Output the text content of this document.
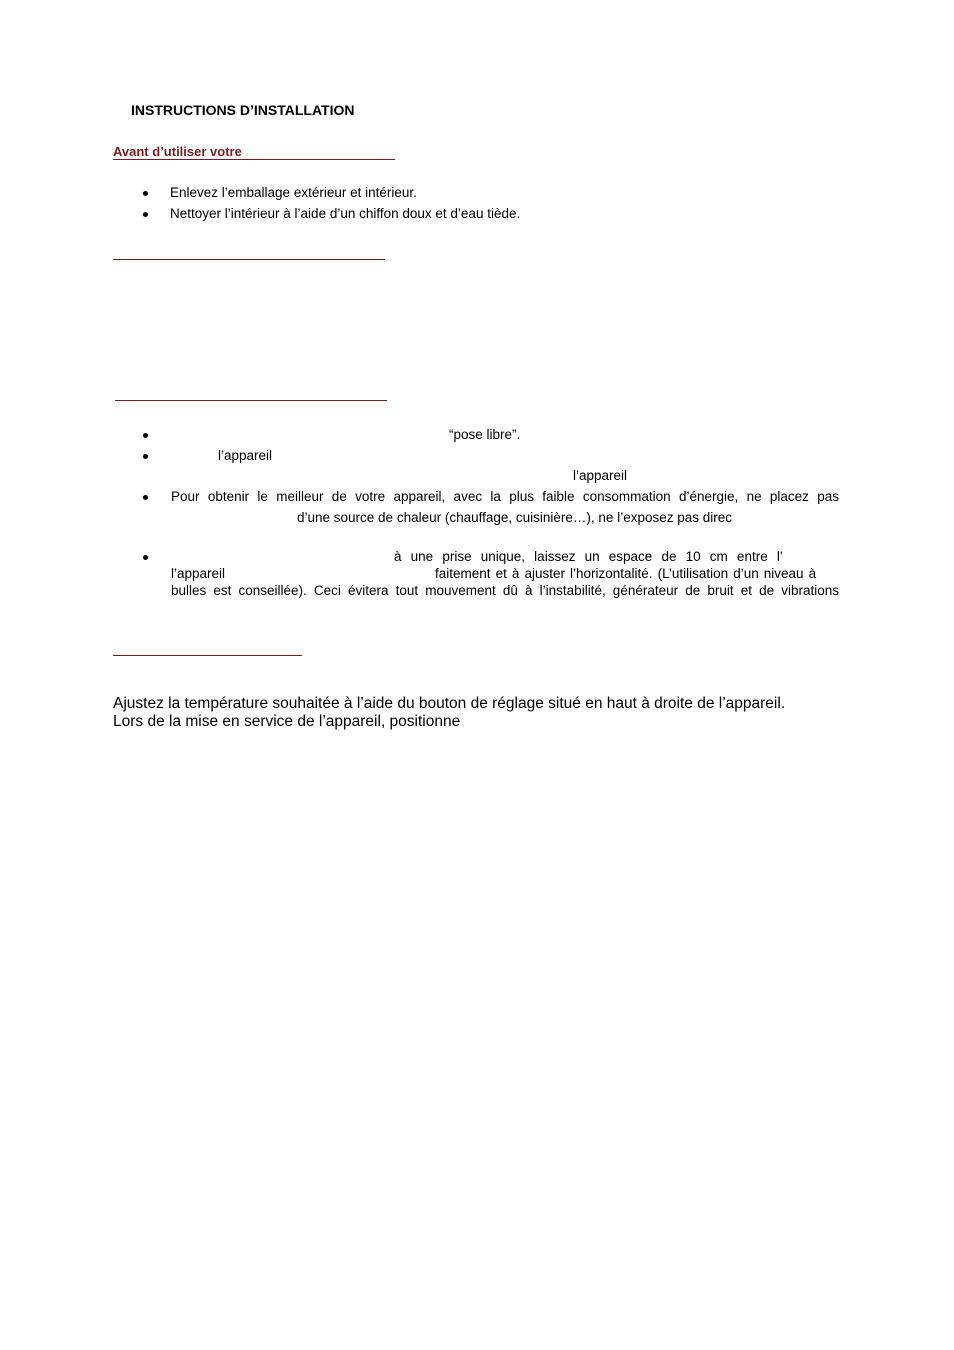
INSTRUCTIONS D’INSTALLATION
Avant d’utiliser votre
Enlevez l’emballage extérieur et intérieur.
Nettoyer l’intérieur à l’aide d’un chiffon doux et d’eau tiède.
“pose libre”.
l’appareil
l’appareil
Pour obtenir le meilleur de votre appareil, avec la plus faible consommation d’énergie, ne placez pas
d’une source de chaleur (chauffage, cuisinière…), ne l’exposez pas direc
à une prise unique, laissez un espace de 10 cm entre l’
l’appareil	faitement et à ajuster l’horizontalité. (L’utilisation d’un niveau à
bulles est conseillée). Ceci évitera tout mouvement dû à l’instabilité, générateur de bruit et de vibrations
Ajustez la température souhaitée à l’aide du bouton de réglage situé en haut à droite de l’appareil.
Lors de la mise en service de l’appareil, positionne
